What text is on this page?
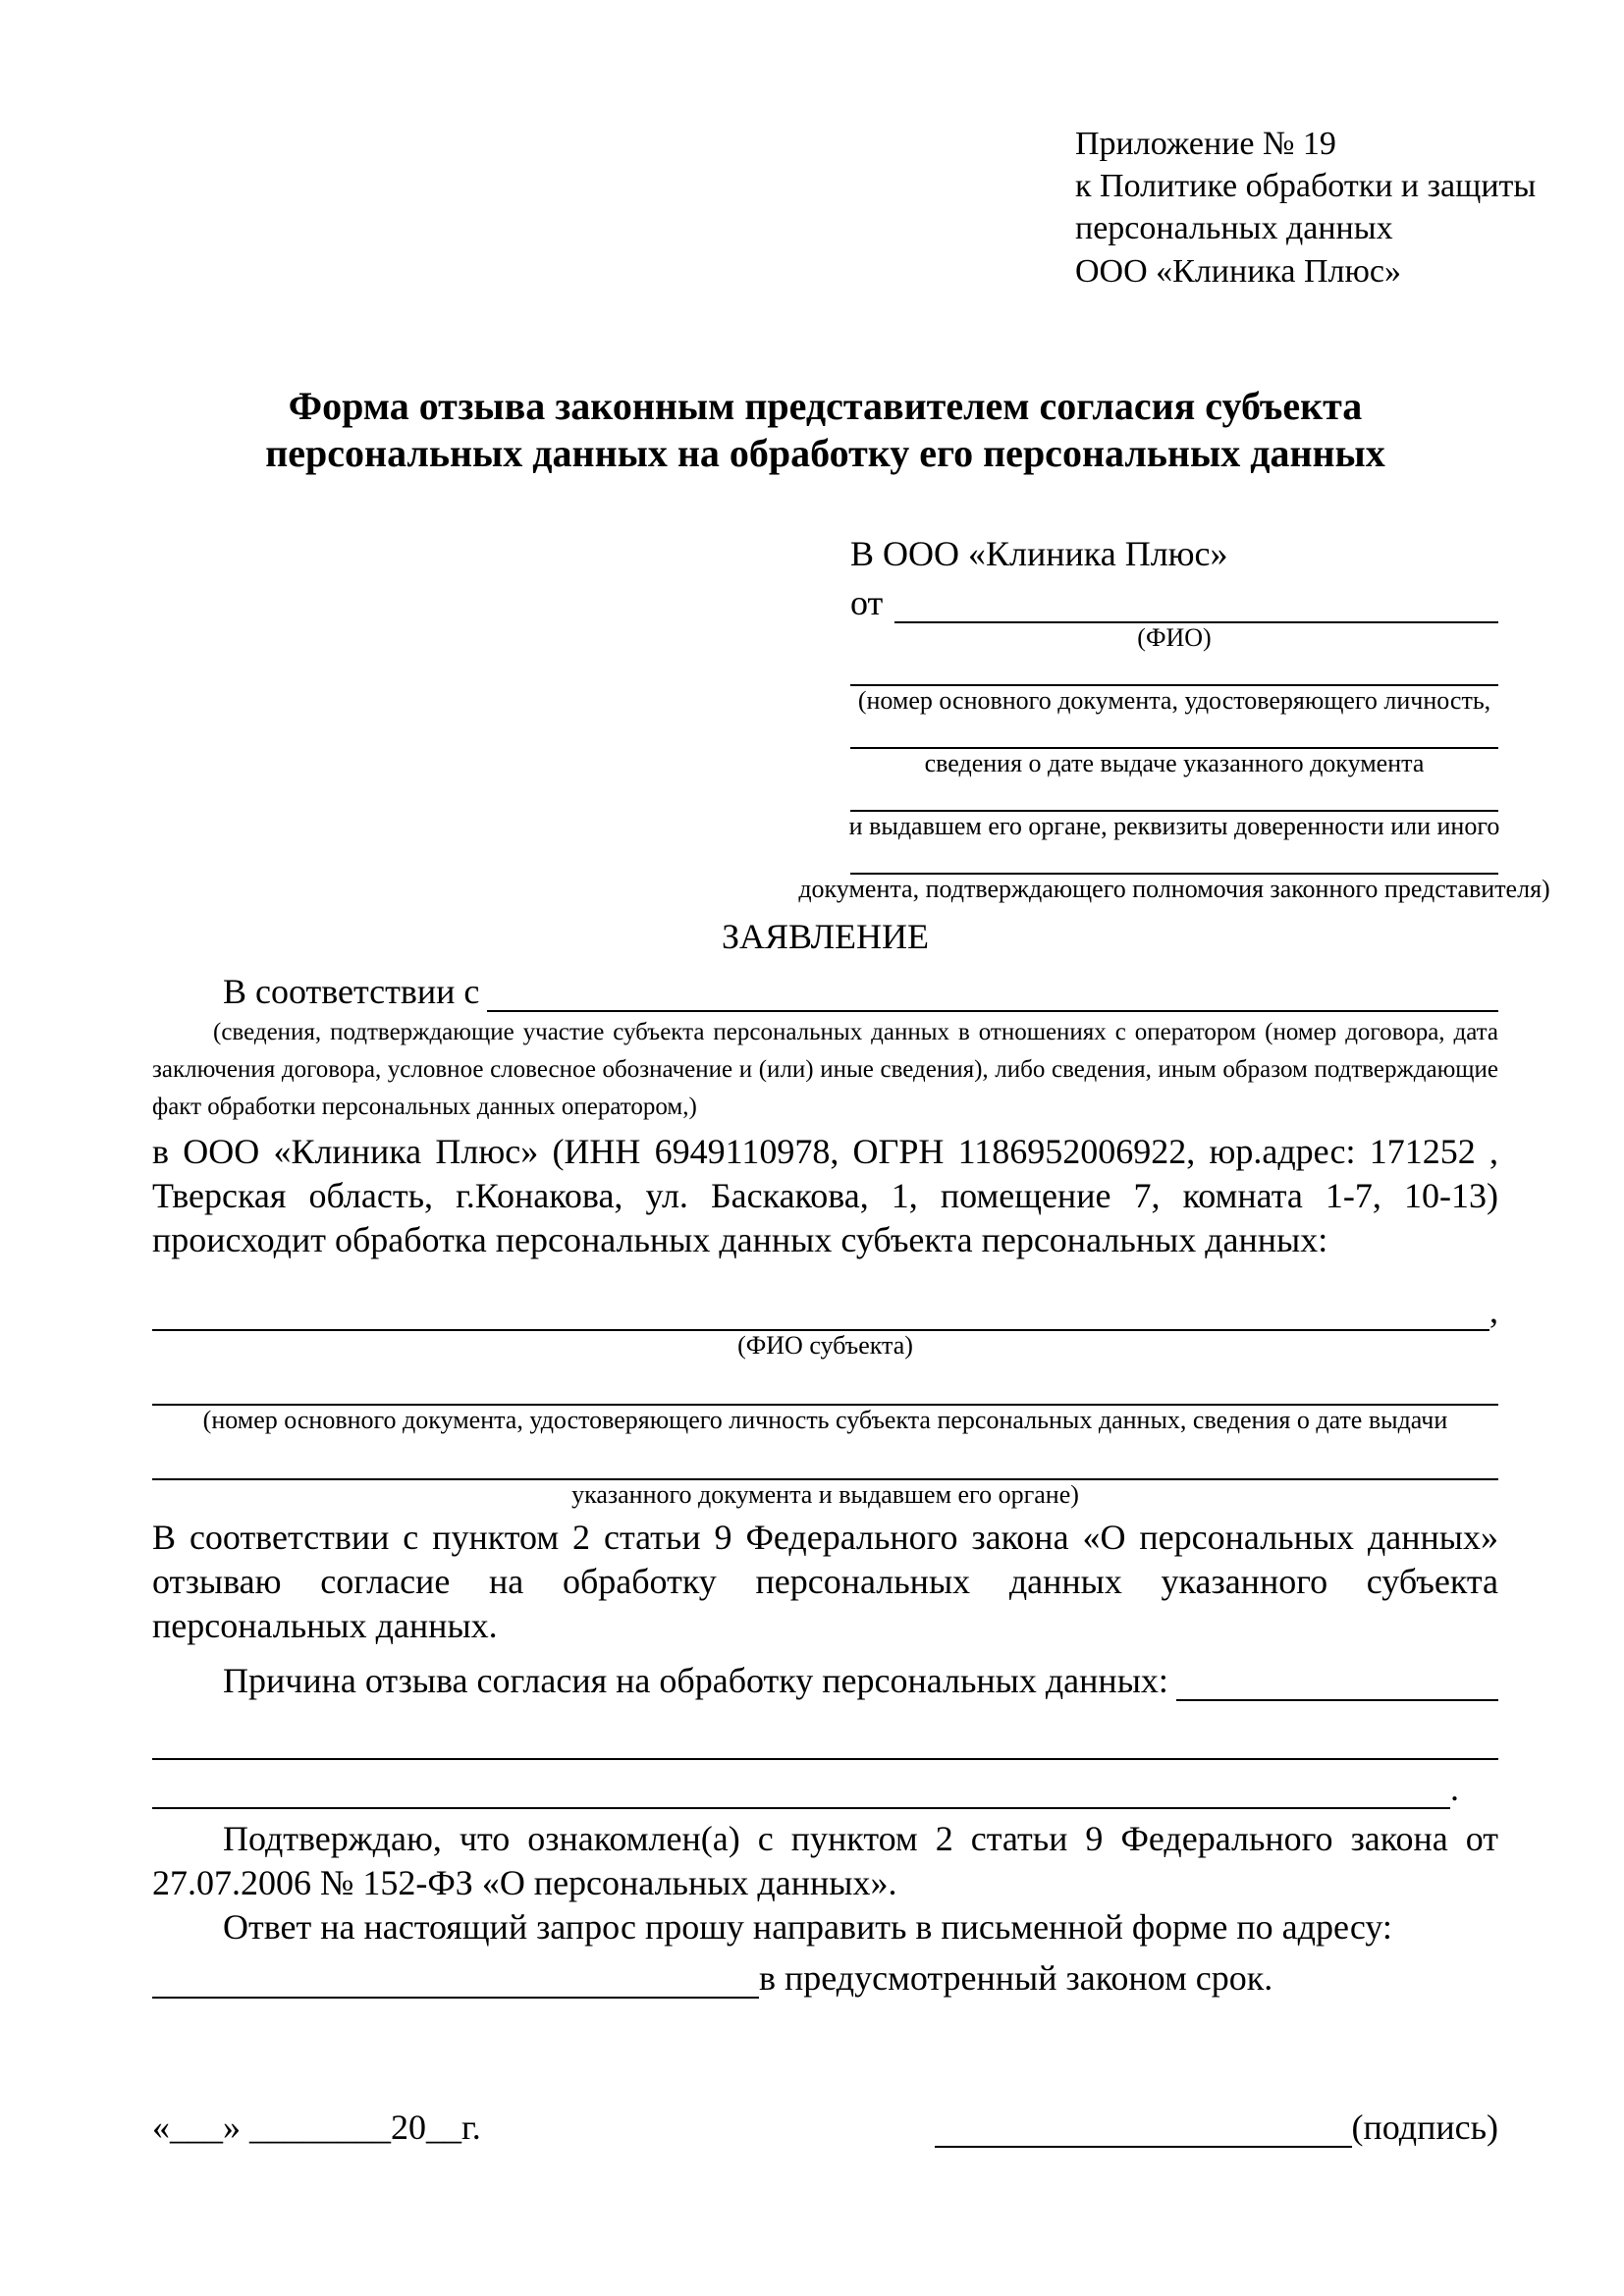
Приложение № 19
к Политике обработки и защиты
персональных данных
ООО «Клиника Плюс»
Форма отзыва законным представителем согласия субъекта
персональных данных на обработку его персональных данных
В ООО «Клиника Плюс»
от
(ФИО)
(номер основного документа, удостоверяющего личность,
сведения о дате выдаче указанного документа
и выдавшем его органе, реквизиты доверенности или иного
документа, подтверждающего полномочия законного представителя)
ЗАЯВЛЕНИЕ
В соответствии с
(сведения, подтверждающие участие субъекта персональных данных в отношениях с оператором (номер договора, дата заключения договора, условное словесное обозначение и (или) иные сведения), либо сведения, иным образом подтверждающие факт обработки персональных данных оператором,)

в ООО «Клиника Плюс» (ИНН 6949110978, ОГРН 1186952006922, юр.адрес: 171252 , Тверская область, г.Конакова, ул. Баскакова, 1, помещение 7, комната 1-7, 10-13) происходит обработка персональных данных субъекта персональных данных:

,
(ФИО субъекта)
(номер основного документа, удостоверяющего личность субъекта персональных данных, сведения о дате выдачи
указанного документа и выдавшем его органе)

В соответствии с пунктом 2 статьи 9 Федерального закона «О персональных данных» отзываю согласие на обработку персональных данных указанного субъекта персональных данных.

Причина отзыва согласия на обработку персональных данных:
.

Подтверждаю, что ознакомлен(а) с пунктом 2 статьи 9 Федерального закона от 27.07.2006 № 152-ФЗ «О персональных данных».

Ответ на настоящий запрос прошу направить в письменной форме по адресу:
в предусмотренный законом срок.
«___» ________20__г.	(подпись)
